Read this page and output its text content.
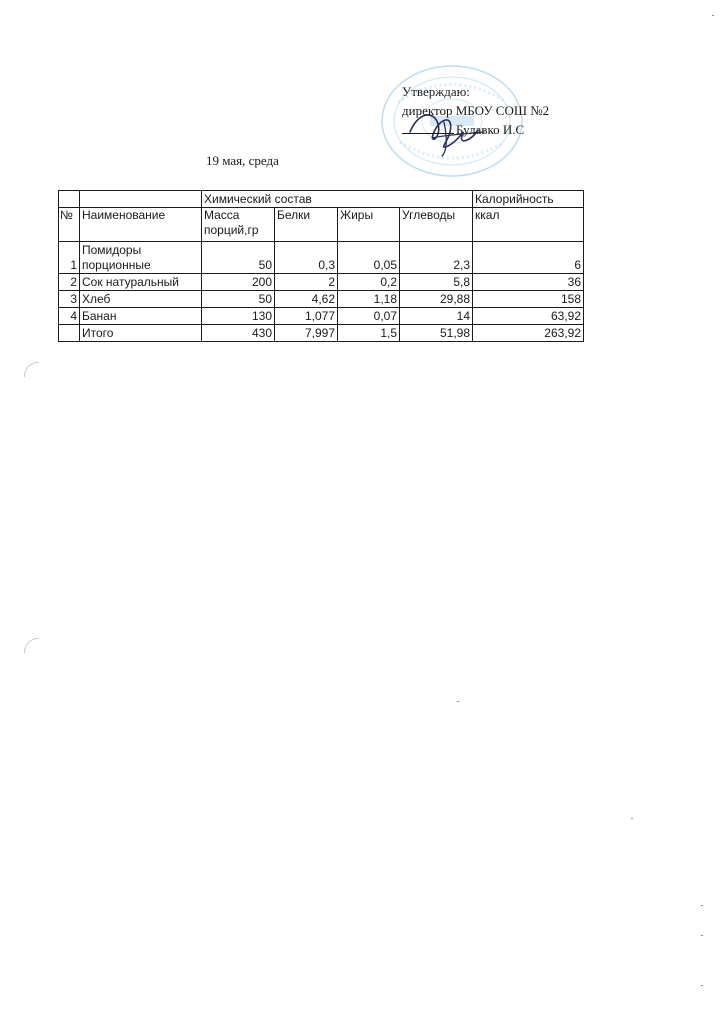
Утверждаю:
директор МБОУ СОШ №2
Булавко И.С
19 мая, среда
		Химический состав				Калорийность
№	Наименование	Масса порций,гр	Белки	Жиры	Углеводы	ккал
1	Помидоры порционные	50	0,3	0,05	2,3	6
2	Сок натуральный	200	2	0,2	5,8	36
3	Хлеб	50	4,62	1,18	29,88	158
4	Банан	130	1,077	0,07	14	63,92
	Итого	430	7,997	1,5	51,98	263,92
